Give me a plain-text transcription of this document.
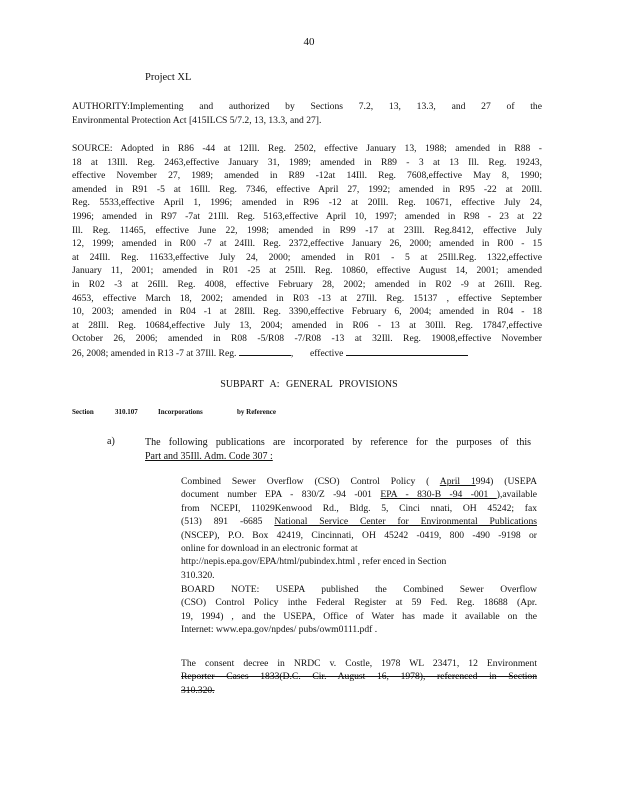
40
Project XL
AUTHORITY:Implementing and authorized by Sections 7.2, 13, 13.3, and 27 of the
Environmental Protection Act [415ILCS 5/7.2, 13, 13.3, and 27].
SOURCE: Adopted in R86 -44 at 12Ill. Reg. 2502, effective January 13, 1988; amended in R88 -
18 at 13Ill. Reg. 2463,effective January 31, 1989; amended in R89 - 3 at 13 Ill. Reg. 19243,
effective November 27, 1989; amended in R89 -12at 14Ill. Reg. 7608,effective May 8, 1990;
amended in R91 -5 at 16Ill. Reg. 7346, effective April 27, 1992; amended in R95 -22 at 20Ill.
Reg. 5533,effective April 1, 1996; amended in R96 -12 at 20Ill. Reg. 10671, effective July 24,
1996; amended in R97 -7at 21Ill. Reg. 5163,effective April 10, 1997; amended in R98 - 23 at 22
Ill. Reg. 11465, effective June 22, 1998; amended in R99 -17 at 23Ill. Reg.8412, effective July
12, 1999; amended in R00 -7 at 24Ill. Reg. 2372,effective January 26, 2000; amended in R00 - 15
at 24Ill. Reg. 11633,effective July 24, 2000; amended in R01 - 5 at 25Ill.Reg. 1322,effective
January 11, 2001; amended in R01 -25 at 25Ill. Reg. 10860, effective August 14, 2001; amended
in R02 -3 at 26Ill. Reg. 4008, effective February 28, 2002; amended in R02 -9 at 26Ill. Reg.
4653, effective March 18, 2002; amended in R03 -13 at 27Ill. Reg. 15137 , effective September
10, 2003; amended in R04 -1 at 28Ill. Reg. 3390,effective February 6, 2004; amended in R04 - 18
at 28Ill. Reg. 10684,effective July 13, 2004; amended in R06 - 13 at 30Ill. Reg. 17847,effective
October 26, 2006; amended in R08 -5/R08 -7/R08 -13 at 32Ill. Reg. 19008,effective November
26, 2008; amended in R13 -7 at 37Ill. Reg.	,       effective
SUBPART A: GENERAL PROVISIONS
Section	310.107	Incorporations	by Reference
a)	The following publications are incorporated by reference for the purposes of this
Part and 35Ill. Adm. Code 307 :
Combined Sewer Overflow (CSO) Control Policy ( April 1994) (USEPA
document number EPA - 830/Z -94 -001 EPA - 830-B -94 -001 ),available
from NCEPI, 11029Kenwood Rd., Bldg. 5, Cinci nnati, OH 45242; fax
(513) 891 -6685 National Service Center for Environmental Publications
(NSCEP), P.O. Box 42419, Cincinnati, OH 45242 -0419, 800 -490 -9198 or
online for download in an electronic format at
http://nepis.epa.gov/EPA/html/pubindex.html , refer enced in Section
310.320.
BOARD NOTE: USEPA published the Combined Sewer Overflow
(CSO) Control Policy inthe Federal Register at 59 Fed. Reg. 18688 (Apr.
19, 1994) , and the USEPA, Office of Water has made it available on the
Internet: www.epa.gov/npdes/ pubs/owm0111.pdf .
The consent decree in NRDC v. Costle, 1978 WL 23471, 12 Environment
Reporter Cases 1833(D.C. Cir. August 16, 1978), referenced in Section
310.320.
